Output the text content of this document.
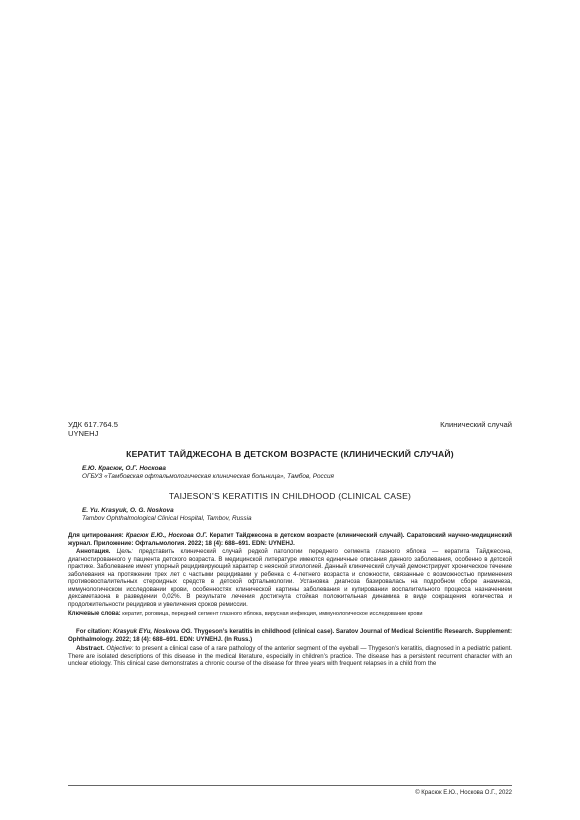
УДК 617.764.5
UYNEHJ
Клинический случай
КЕРАТИТ ТАЙДЖЕСОНА В ДЕТСКОМ ВОЗРАСТЕ (КЛИНИЧЕСКИЙ СЛУЧАЙ)
Е.Ю. Красюк, О.Г. Носкова
ОГБУЗ «Тамбовская офтальмологическая клиническая больница», Тамбов, Россия
TAIJESON’S KERATITIS IN CHILDHOOD (CLINICAL CASE)
E. Yu. Krasyuk, O. G. Noskova
Tambov Ophthalmological Clinical Hospital, Tambov, Russia
Для цитирования: Красюк Е.Ю., Носкова О.Г. Кератит Тайджесона в детском возрасте (клинический случай). Саратовский научно-медицинский журнал. Приложение: Офтальмология. 2022; 18 (4): 688–691. EDN: UYNEHJ.
Аннотация. Цель: представить клинический случай редкой патологии переднего сегмента глазного яблока — кератита Тайджесона, диагностированного у пациента детского возраста. В медицинской литературе имеются единичные описания данного заболевания, особенно в детской практике. Заболевание имеет упорный рецидивирующий характер с неясной этиологией. Данный клинический случай демонстрирует хроническое течение заболевания на протяжении трех лет с частыми рецидивами у ребенка с 4-летнего возраста и сложности, связанные с возможностью применения противовоспалительных стероидных средств в детской офтальмологии. Установка диагноза базировалась на подробном сборе анамнеза, иммунологическом исследовании крови, особенностях клинической картины заболевания и купировании воспалительного процесса назначением дексаметазона в разведении 0,02%. В результате лечения достигнута стойкая положительная динамика в виде сокращения количества и продолжительности рецидивов и увеличения сроков ремиссии.
Ключевые слова: кератит, роговица, передний сегмент глазного яблока, вирусная инфекция, иммунологическое исследование крови
For citation: Krasyuk EYu, Noskova OG. Thygeson’s keratitis in childhood (clinical case). Saratov Journal of Medical Scientific Research. Supplement: Ophthalmology. 2022; 18 (4): 688–691. EDN: UYNEHJ. (In Russ.)
Abstract. Objective: to present a clinical case of a rare pathology of the anterior segment of the eyeball — Thygeson’s keratitis, diagnosed in a pediatric patient. There are isolated descriptions of this disease in the medical literature, especially in children’s practice. The disease has a persistent recurrent character with an unclear etiology. This clinical case demonstrates a chronic course of the disease for three years with frequent relapses in a child from the
© Красюк Е.Ю., Носкова О.Г., 2022
